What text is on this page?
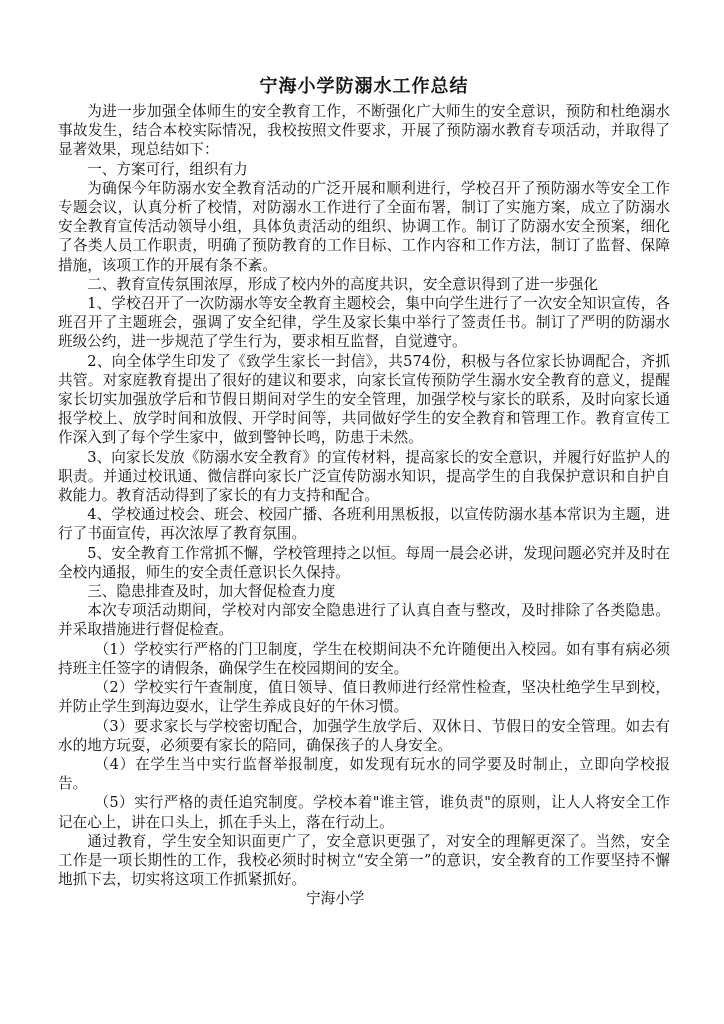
宁海小学防溺水工作总结

为进一步加强全体师生的安全教育工作，不断强化广大师生的安全意识，预防和杜绝溺水事故发生，结合本校实际情况，我校按照文件要求，开展了预防溺水教育专项活动，并取得了显著效果，现总结如下：

一、方案可行，组织有力

为确保今年防溺水安全教育活动的广泛开展和顺利进行，学校召开了预防溺水等安全工作专题会议，认真分析了校情，对防溺水工作进行了全面布署，制订了实施方案，成立了防溺水安全教育宣传活动领导小组，具体负责活动的组织、协调工作。制订了防溺水安全预案，细化了各类人员工作职责，明确了预防教育的工作目标、工作内容和工作方法，制订了监督、保障措施，该项工作的开展有条不紊。

二、教育宣传氛围浓厚，形成了校内外的高度共识，安全意识得到了进一步强化

1、学校召开了一次防溺水等安全教育主题校会，集中向学生进行了一次安全知识宣传，各班召开了主题班会，强调了安全纪律，学生及家长集中举行了签责任书。制订了严明的防溺水班级公约，进一步规范了学生行为，要求相互监督，自觉遵守。

2、向全体学生印发了《致学生家长一封信》，共574份，积极与各位家长协调配合，齐抓共管。对家庭教育提出了很好的建议和要求，向家长宣传预防学生溺水安全教育的意义，提醒家长切实加强放学后和节假日期间对学生的安全管理，加强学校与家长的联系，及时向家长通报学校上、放学时间和放假、开学时间等，共同做好学生的安全教育和管理工作。教育宣传工作深入到了每个学生家中，做到警钟长鸣，防患于未然。

3、向家长发放《防溺水安全教育》的宣传材料，提高家长的安全意识，并履行好监护人的职责。并通过校讯通、微信群向家长广泛宣传防溺水知识，提高学生的自我保护意识和自护自救能力。教育活动得到了家长的有力支持和配合。

4、学校通过校会、班会、校园广播、各班利用黑板报，以宣传防溺水基本常识为主题，进行了书面宣传，再次浓厚了教育氛围。

5、安全教育工作常抓不懈，学校管理持之以恒。每周一晨会必讲，发现问题必究并及时在全校内通报，师生的安全责任意识长久保持。

三、隐患排查及时，加大督促检查力度

本次专项活动期间，学校对内部安全隐患进行了认真自查与整改，及时排除了各类隐患。并采取措施进行督促检查。

（1）学校实行严格的门卫制度，学生在校期间决不允许随便出入校园。如有事有病必须持班主任签字的请假条，确保学生在校园期间的安全。

（2）学校实行午查制度，值日领导、值日教师进行经常性检查，坚决杜绝学生早到校，并防止学生到海边耍水，让学生养成良好的午休习惯。

（3）要求家长与学校密切配合，加强学生放学后、双休日、节假日的安全管理。如去有水的地方玩耍，必须要有家长的陪同，确保孩子的人身安全。

（4）在学生当中实行监督举报制度，如发现有玩水的同学要及时制止，立即向学校报告。

（5）实行严格的责任追究制度。学校本着"谁主管，谁负责"的原则，让人人将安全工作记在心上，讲在口头上，抓在手头上，落在行动上。

通过教育，学生安全知识面更广了，安全意识更强了，对安全的理解更深了。当然，安全工作是一项长期性的工作，我校必须时时树立“安全第一”的意识，安全教育的工作要坚持不懈地抓下去，切实将这项工作抓紧抓好。

宁海小学
